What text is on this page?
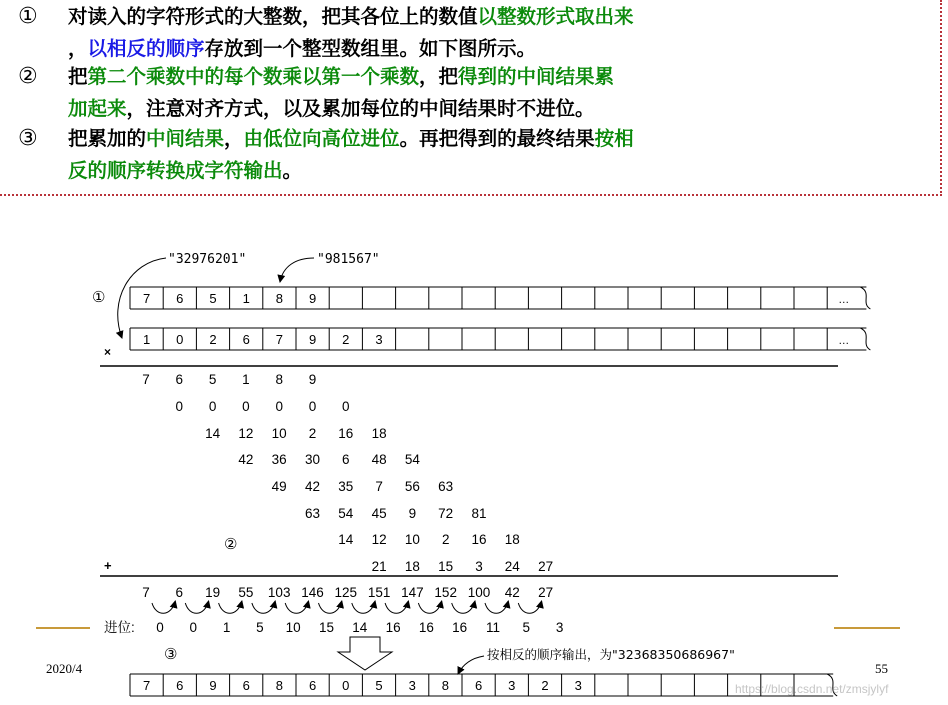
① 对读入的字符形式的大整数，把其各位上的数值以整数形式取出来
，以相反的顺序存放到一个整型数组里。如下图所示。
② 把第二个乘数中的每个数乘以第一个乘数，把得到的中间结果累
加起来，注意对齐方式，以及累加每位的中间结果时不进位。
③ 把累加的中间结果，由低位向高位进位。再把得到的最终结果按相
反的顺序转换成字符输出。
7 6 5 1 8 9	…
1 0 2 6 7 9 2 3	…
7 6 9 6 8 6 0 5 3 8 6 3 2 3
"32976201"	"981567"
①
×
7 6 5 1 8 9
0 0 0 0 0 0
14 12 10 2 16 18
42 36 30 6 48 54
49 42 35 7 56 63
63 54 45 9 72 81
14 12 10 2 16 18
21 18 15 3 24 27
②
+
7 6 19 55 103 146 125 151 147 152 100 42 27
进位: 0 0 1 5 10 15 14 16 16 16 11 5 3
③	按相反的顺序输出，为"32368350686967"
2020/4	55
https://blog.csdn.net/zmsjylyf
